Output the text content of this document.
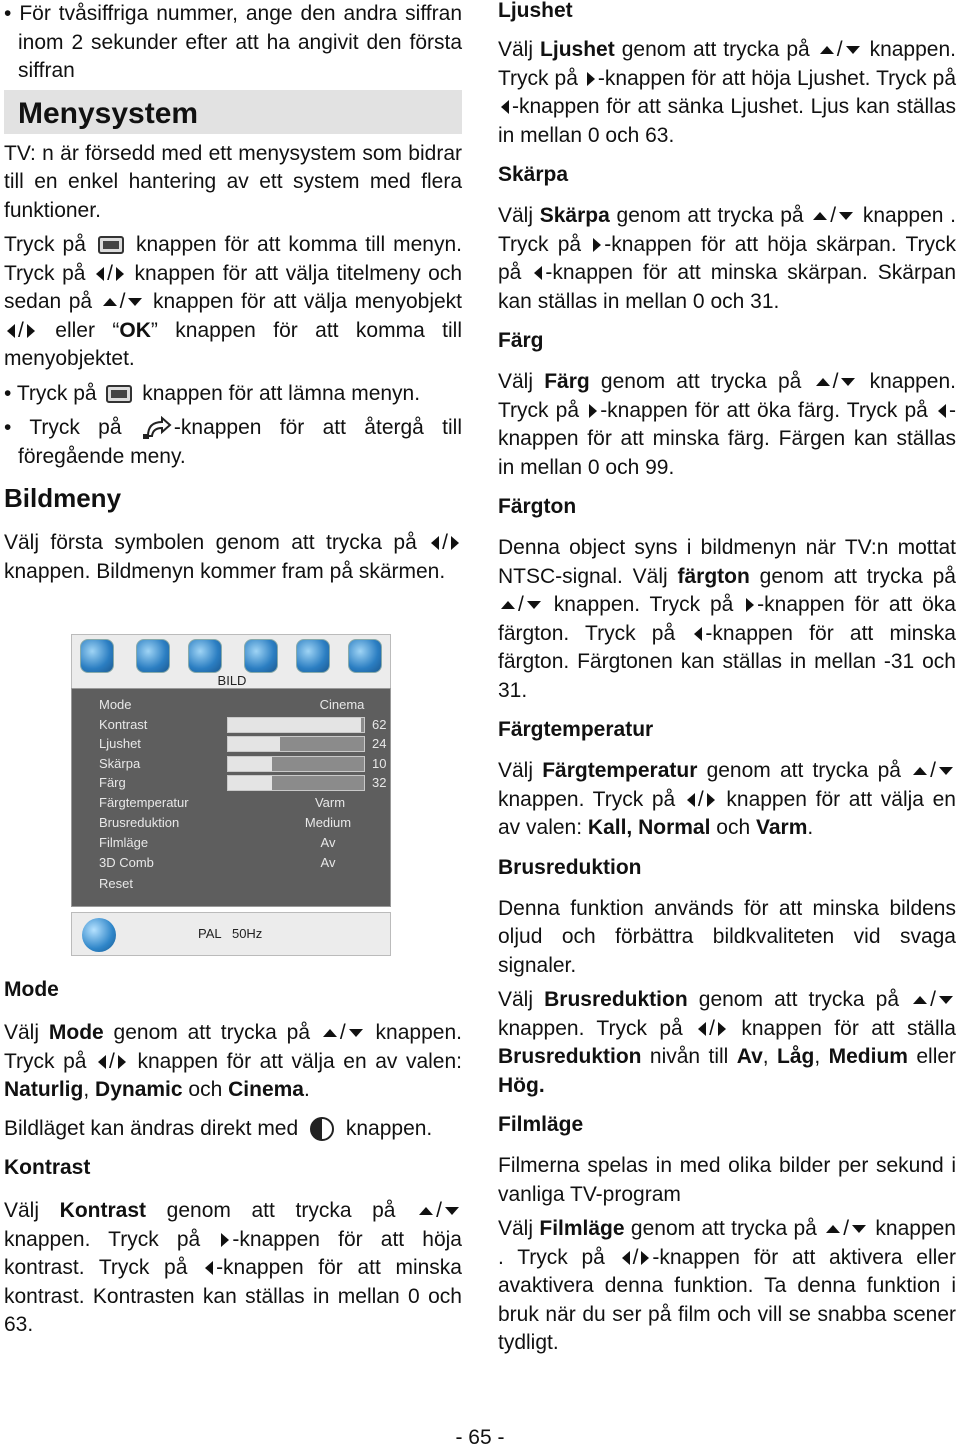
• För tvåsiffriga nummer, ange den andra siffran inom 2 sekunder efter att ha angivit den första siffran

Menysystem

TV: n är försedd med ett menysystem som bidrar till en enkel hantering av ett system med flera funktioner.

Tryck på knappen för att komma till menyn. Tryck på / knappen för att välja titelmeny och sedan på / knappen för att välja menyobjekt / eller “OK” knappen för att komma till menyobjektet.

• Tryck på knappen för att lämna menyn.

• Tryck på -knappen för att återgå till föregående meny.

Bildmeny

Välj första symbolen genom att trycka på / knappen. Bildmenyn kommer fram på skärmen.

BILD
Mode	Cinema
Kontrast	62
Ljushet	24
Skärpa	10
Färg	32
Färgtemperatur	Varm
Brusreduktion	Medium
Filmläge	Av
3D Comb	Av
Reset
PAL   50Hz
Mode

Välj Mode genom att trycka på / knappen. Tryck på / knappen för att välja en av valen: Naturlig, Dynamic och Cinema.

Bildläget kan ändras direkt med knappen.

Kontrast

Välj Kontrast genom att trycka på / knappen. Tryck på -knappen för att höja kontrast. Tryck på -knappen för att minska kontrast. Kontrasten kan ställas in mellan 0 och 63.

Ljushet

Välj Ljushet genom att trycka på / knappen. Tryck på -knappen för att höja Ljushet. Tryck på -knappen för att sänka Ljushet. Ljus kan ställas in mellan 0 och 63.

Skärpa

Välj Skärpa genom att trycka på / knappen . Tryck på -knappen för att höja skärpan. Tryck på -knappen för att minska skärpan. Skärpan kan ställas in mellan 0 och 31.

Färg

Välj Färg genom att trycka på / knappen. Tryck på -knappen för att öka färg. Tryck på -knappen för att minska färg. Färgen kan ställas in mellan 0 och 99.

Färgton

Denna object syns i bildmenyn när TV:n mottat NTSC-signal. Välj färgton genom att trycka på / knappen. Tryck på -knappen för att öka färgton. Tryck på -knappen för att minska färgton. Färgtonen kan ställas in mellan -31 och 31.

Färgtemperatur

Välj Färgtemperatur genom att trycka på / knappen. Tryck på / knappen för att välja en av valen: Kall, Normal och Varm.

Brusreduktion

Denna funktion används för att minska bildens oljud och förbättra bildkvaliteten vid svaga signaler.

Välj Brusreduktion genom att trycka på / knappen. Tryck på / knappen för att ställa Brusreduktion nivån till Av, Låg, Medium eller Hög.

Filmläge

Filmerna spelas in med olika bilder per sekund i vanliga TV-program

Välj Filmläge genom att trycka på / knappen . Tryck på / -knappen för att aktivera eller avaktivera denna funktion. Ta denna funktion i bruk när du ser på film och vill se snabba scener tydligt.

- 65 -
